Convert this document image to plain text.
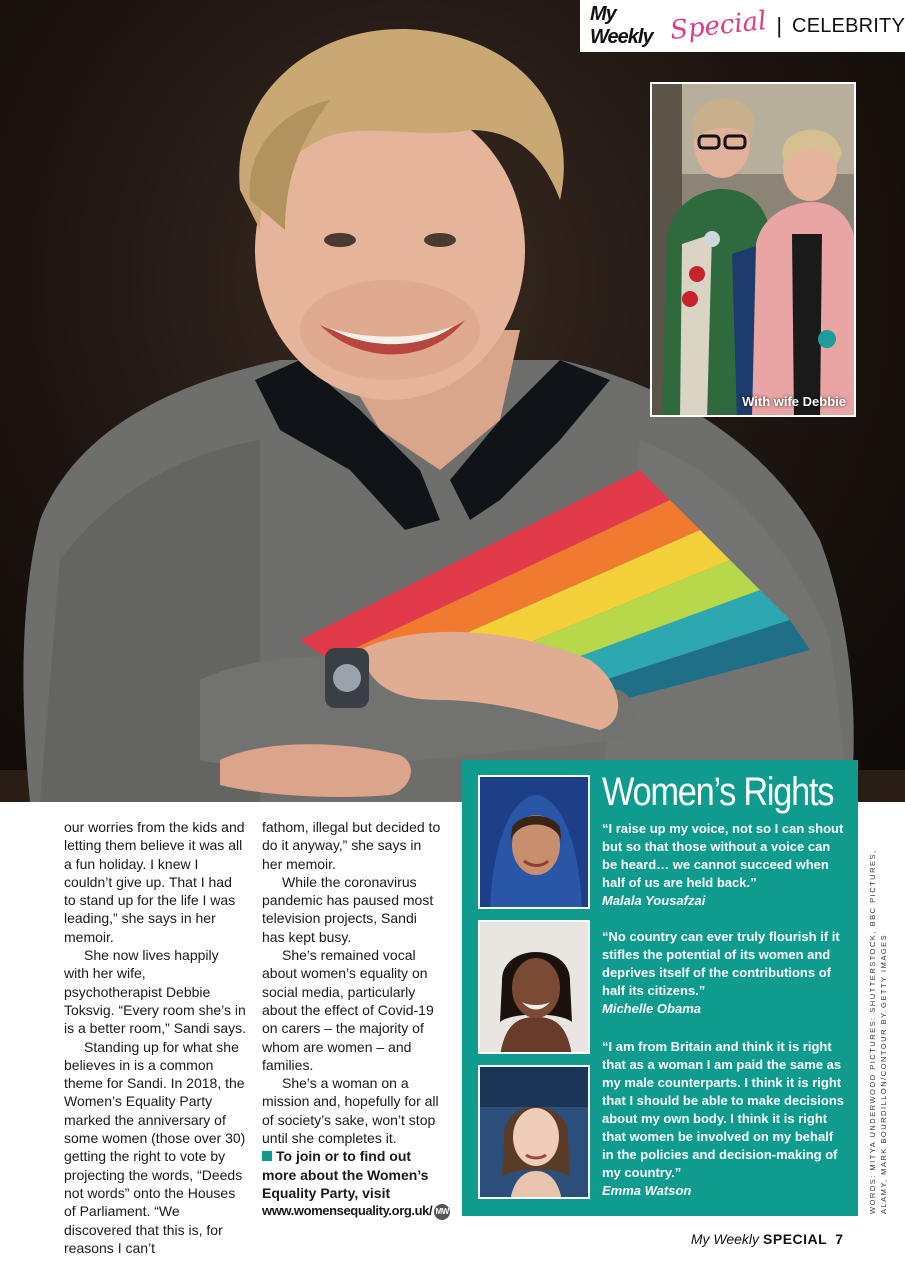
My Weekly Special | CELEBRITY
With wife Debbie

our worries from the kids and letting them believe it was all a fun holiday. I knew I couldn’t give up. That I had to stand up for the life I was leading,” she says in her memoir.

She now lives happily with her wife, psychotherapist Debbie Toksvig. “Every room she’s in is a better room,” Sandi says.

Standing up for what she believes in is a common theme for Sandi. In 2018, the Women’s Equality Party marked the anniversary of some women (those over 30) getting the right to vote by projecting the words, “Deeds not words” onto the Houses of Parliament. “We discovered that this is, for reasons I can’t

fathom, illegal but decided to do it anyway,” she says in her memoir.

While the coronavirus pandemic has paused most television projects, Sandi has kept busy.

She’s remained vocal about women’s equality on social media, particularly about the effect of Covid-19 on carers – the majority of whom are women – and families.

She’s a woman on a mission and, hopefully for all of society’s sake, won’t stop until she completes it.

To join or to find out more about the Women’s Equality Party, visit

www.womensequality.org.uk/ MW

Women’s Rights
“I raise up my voice, not so I can shout but so that those without a voice can be heard… we cannot succeed when half of us are held back.”
Malala Yousafzai
“No country can ever truly flourish if it stifles the potential of its women and deprives itself of the contributions of half its citizens.”
Michelle Obama
“I am from Britain and think it is right that as a woman I am paid the same as my male counterparts. I think it is right that I should be able to make decisions about my own body. I think it is right that women be involved on my behalf in the policies and decision-making of my country.”
Emma Watson	WORDS: MITYA UNDERWOOD PICTURES: SHUTTERSTOCK, BBC PICTURES, ALAMY, MARK BOURDILLON/CONTOUR BY GETTY IMAGES
My Weekly SPECIAL 7
